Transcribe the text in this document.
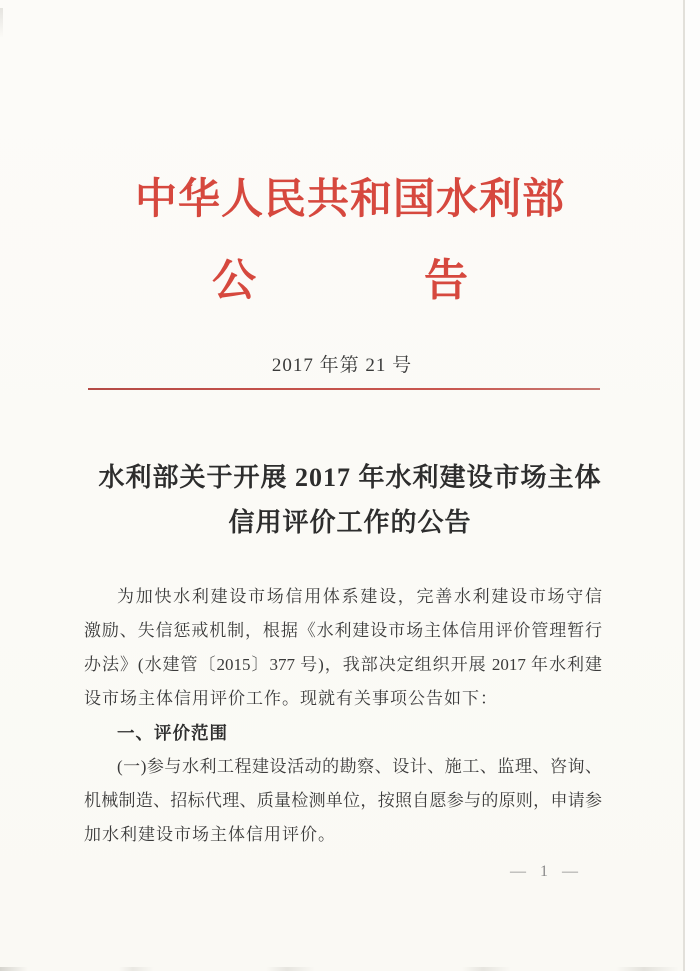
中华人民共和国水利部
公	告
2017 年第 21 号
水利部关于开展 2017 年水利建设市场主体
信用评价工作的公告
为加快水利建设市场信用体系建设，完善水利建设市场守信
激励、失信惩戒机制，根据《水利建设市场主体信用评价管理暂行
办法》(水建管〔2015〕377 号)，我部决定组织开展 2017 年水利建
设市场主体信用评价工作。现就有关事项公告如下：
一、评价范围
(一)参与水利工程建设活动的勘察、设计、施工、监理、咨询、
机械制造、招标代理、质量检测单位，按照自愿参与的原则，申请参
加水利建设市场主体信用评价。
— 1 —
